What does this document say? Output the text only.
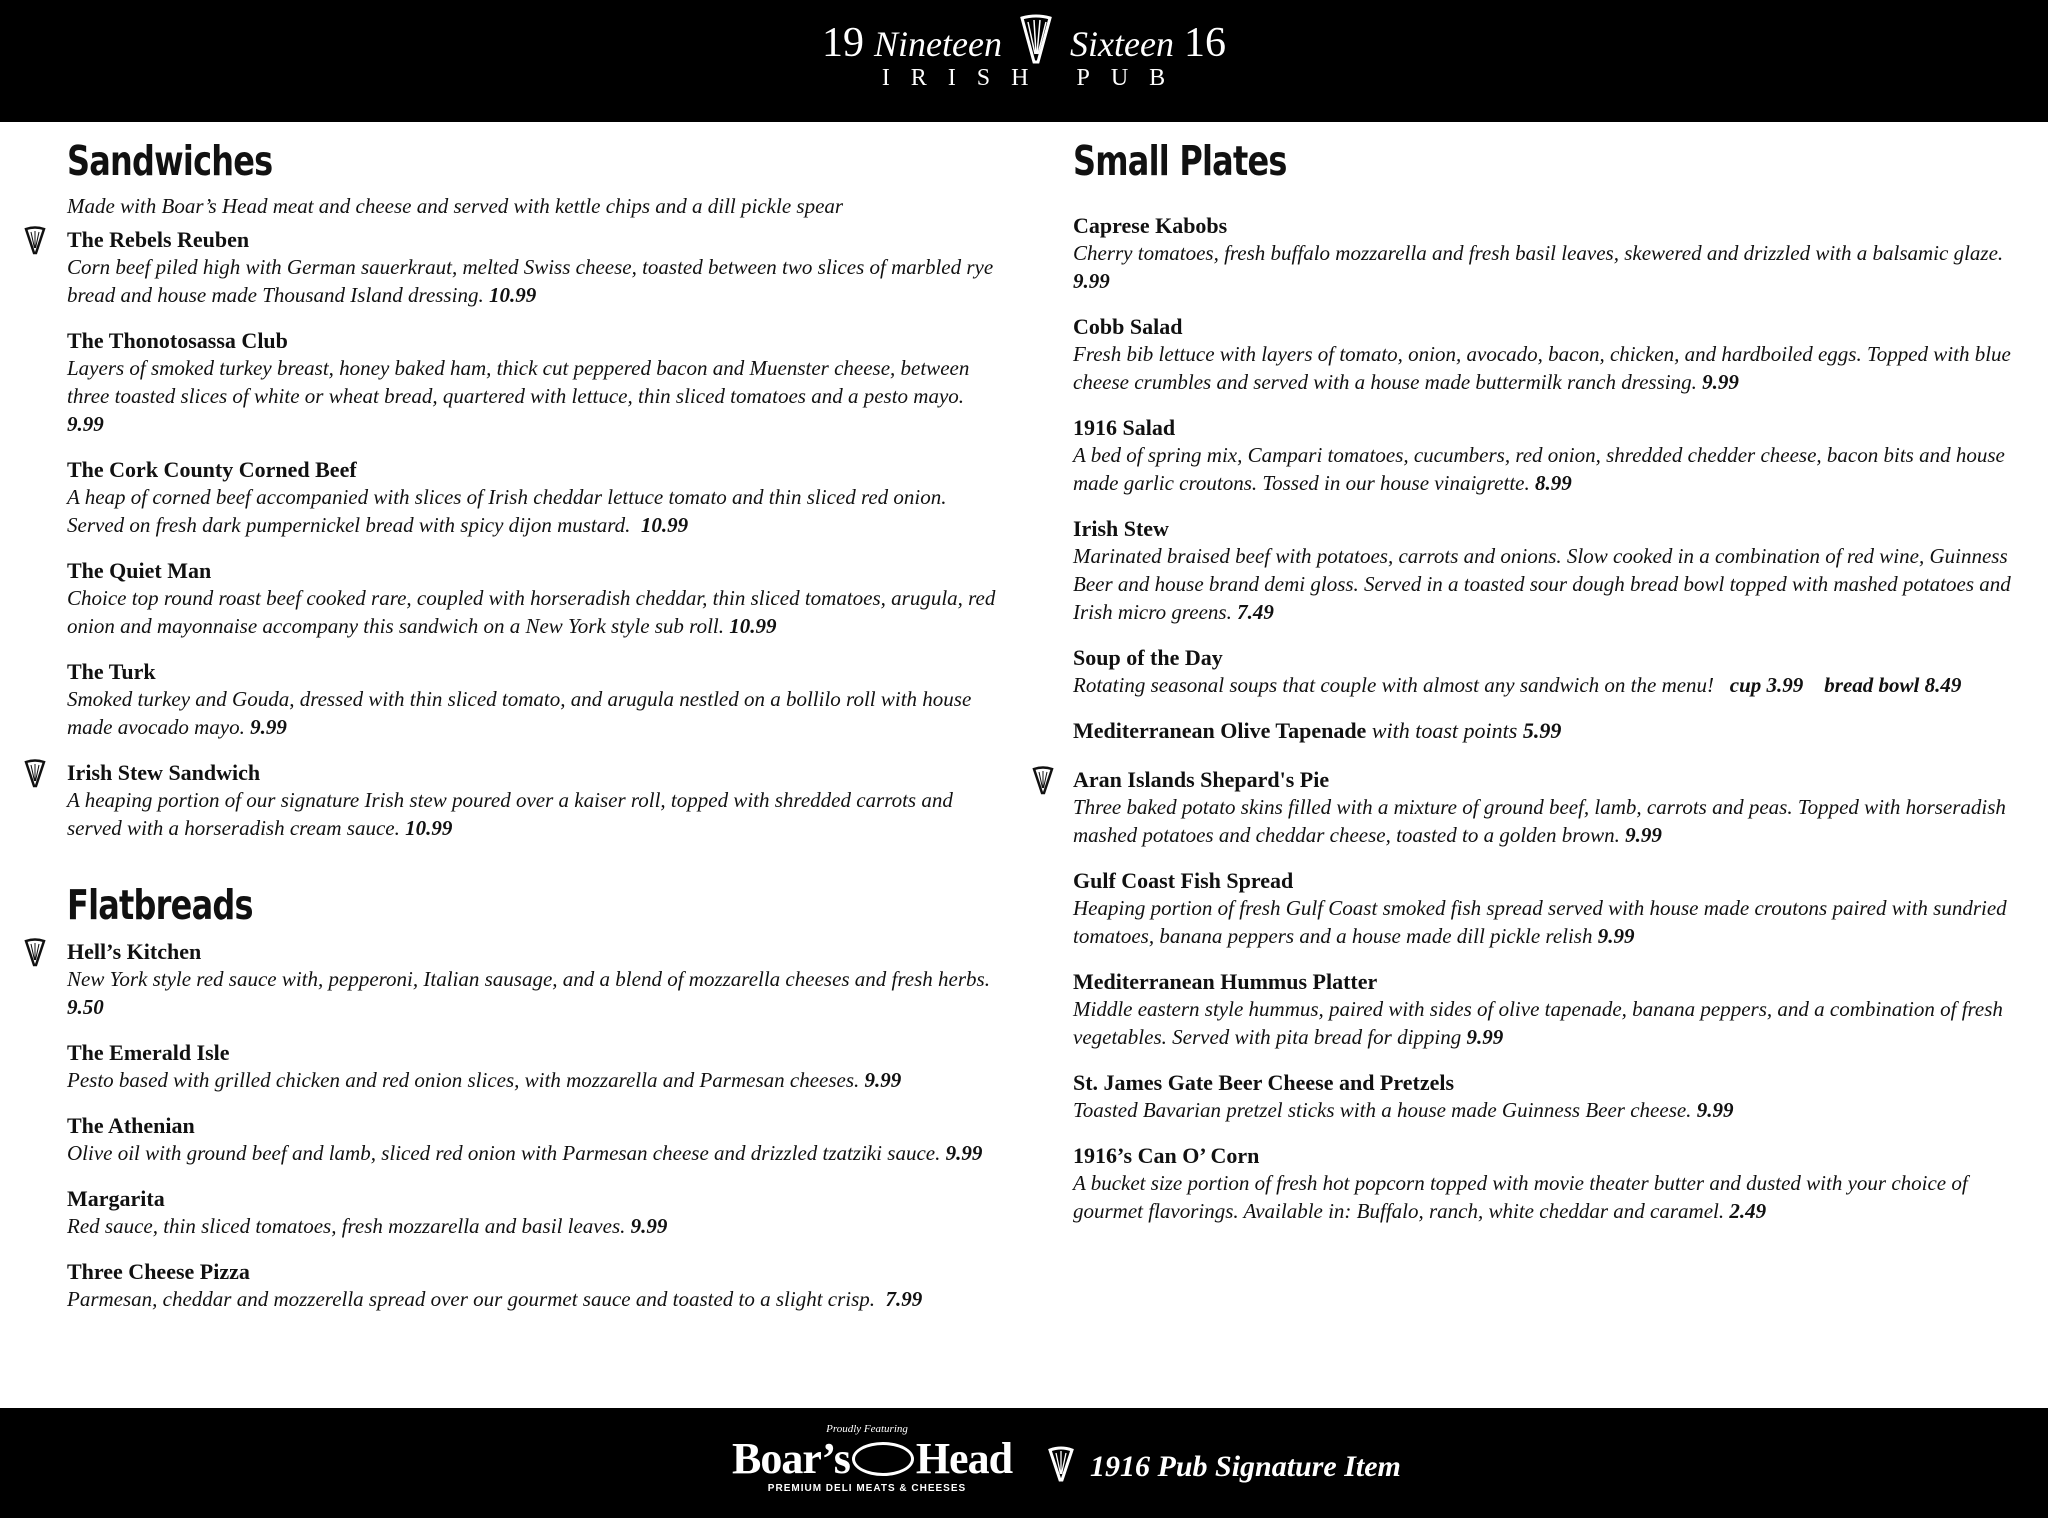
19 Nineteen Sixteen 16
IRISH PUB
Sandwiches
Made with Boar’s Head meat and cheese and served with kettle chips and a dill pickle spear
The Rebels Reuben
Corn beef piled high with German sauerkraut, melted Swiss cheese, toasted between two slices of marbled rye bread and house made Thousand Island dressing. 10.99
The Thonotosassa Club
Layers of smoked turkey breast, honey baked ham, thick cut peppered bacon and Muenster cheese, between three toasted slices of white or wheat bread, quartered with lettuce, thin sliced tomatoes and a pesto mayo. 9.99
The Cork County Corned Beef
A heap of corned beef accompanied with slices of Irish cheddar lettuce tomato and thin sliced red onion. Served on fresh dark pumpernickel bread with spicy dijon mustard. 10.99
The Quiet Man
Choice top round roast beef cooked rare, coupled with horseradish cheddar, thin sliced tomatoes, arugula, red onion and mayonnaise accompany this sandwich on a New York style sub roll. 10.99
The Turk
Smoked turkey and Gouda, dressed with thin sliced tomato, and arugula nestled on a bollilo roll with house made avocado mayo. 9.99
Irish Stew Sandwich
A heaping portion of our signature Irish stew poured over a kaiser roll, topped with shredded carrots and served with a horseradish cream sauce. 10.99
Flatbreads
Hell’s Kitchen
New York style red sauce with, pepperoni, Italian sausage, and a blend of mozzarella cheeses and fresh herbs. 9.50
The Emerald Isle
Pesto based with grilled chicken and red onion slices, with mozzarella and Parmesan cheeses. 9.99
The Athenian
Olive oil with ground beef and lamb, sliced red onion with Parmesan cheese and drizzled tzatziki sauce. 9.99
Margarita
Red sauce, thin sliced tomatoes, fresh mozzarella and basil leaves. 9.99
Three Cheese Pizza
Parmesan, cheddar and mozzerella spread over our gourmet sauce and toasted to a slight crisp. 7.99
Small Plates
Caprese Kabobs
Cherry tomatoes, fresh buffalo mozzarella and fresh basil leaves, skewered and drizzled with a balsamic glaze. 9.99
Cobb Salad
Fresh bib lettuce with layers of tomato, onion, avocado, bacon, chicken, and hardboiled eggs. Topped with blue cheese crumbles and served with a house made buttermilk ranch dressing. 9.99
1916 Salad
A bed of spring mix, Campari tomatoes, cucumbers, red onion, shredded chedder cheese, bacon bits and house made garlic croutons. Tossed in our house vinaigrette. 8.99
Irish Stew
Marinated braised beef with potatoes, carrots and onions. Slow cooked in a combination of red wine, Guinness Beer and house brand demi gloss. Served in a toasted sour dough bread bowl topped with mashed potatoes and Irish micro greens. 7.49
Soup of the Day
Rotating seasonal soups that couple with almost any sandwich on the menu! cup 3.99    bread bowl 8.49
Mediterranean Olive Tapenade with toast points 5.99
Aran Islands Shepard's Pie
Three baked potato skins filled with a mixture of ground beef, lamb, carrots and peas. Topped with horseradish mashed potatoes and cheddar cheese, toasted to a golden brown. 9.99
Gulf Coast Fish Spread
Heaping portion of fresh Gulf Coast smoked fish spread served with house made croutons paired with sundried tomatoes, banana peppers and a house made dill pickle relish 9.99
Mediterranean Hummus Platter
Middle eastern style hummus, paired with sides of olive tapenade, banana peppers, and a combination of fresh vegetables. Served with pita bread for dipping 9.99
St. James Gate Beer Cheese and Pretzels
Toasted Bavarian pretzel sticks with a house made Guinness Beer cheese. 9.99
1916’s Can O’ Corn
A bucket size portion of fresh hot popcorn topped with movie theater butter and dusted with your choice of gourmet flavorings. Available in: Buffalo, ranch, white cheddar and caramel. 2.49
Proudly Featuring
Boar’s Head
PREMIUM DELI MEATS & CHEESES
1916 Pub Signature Item
